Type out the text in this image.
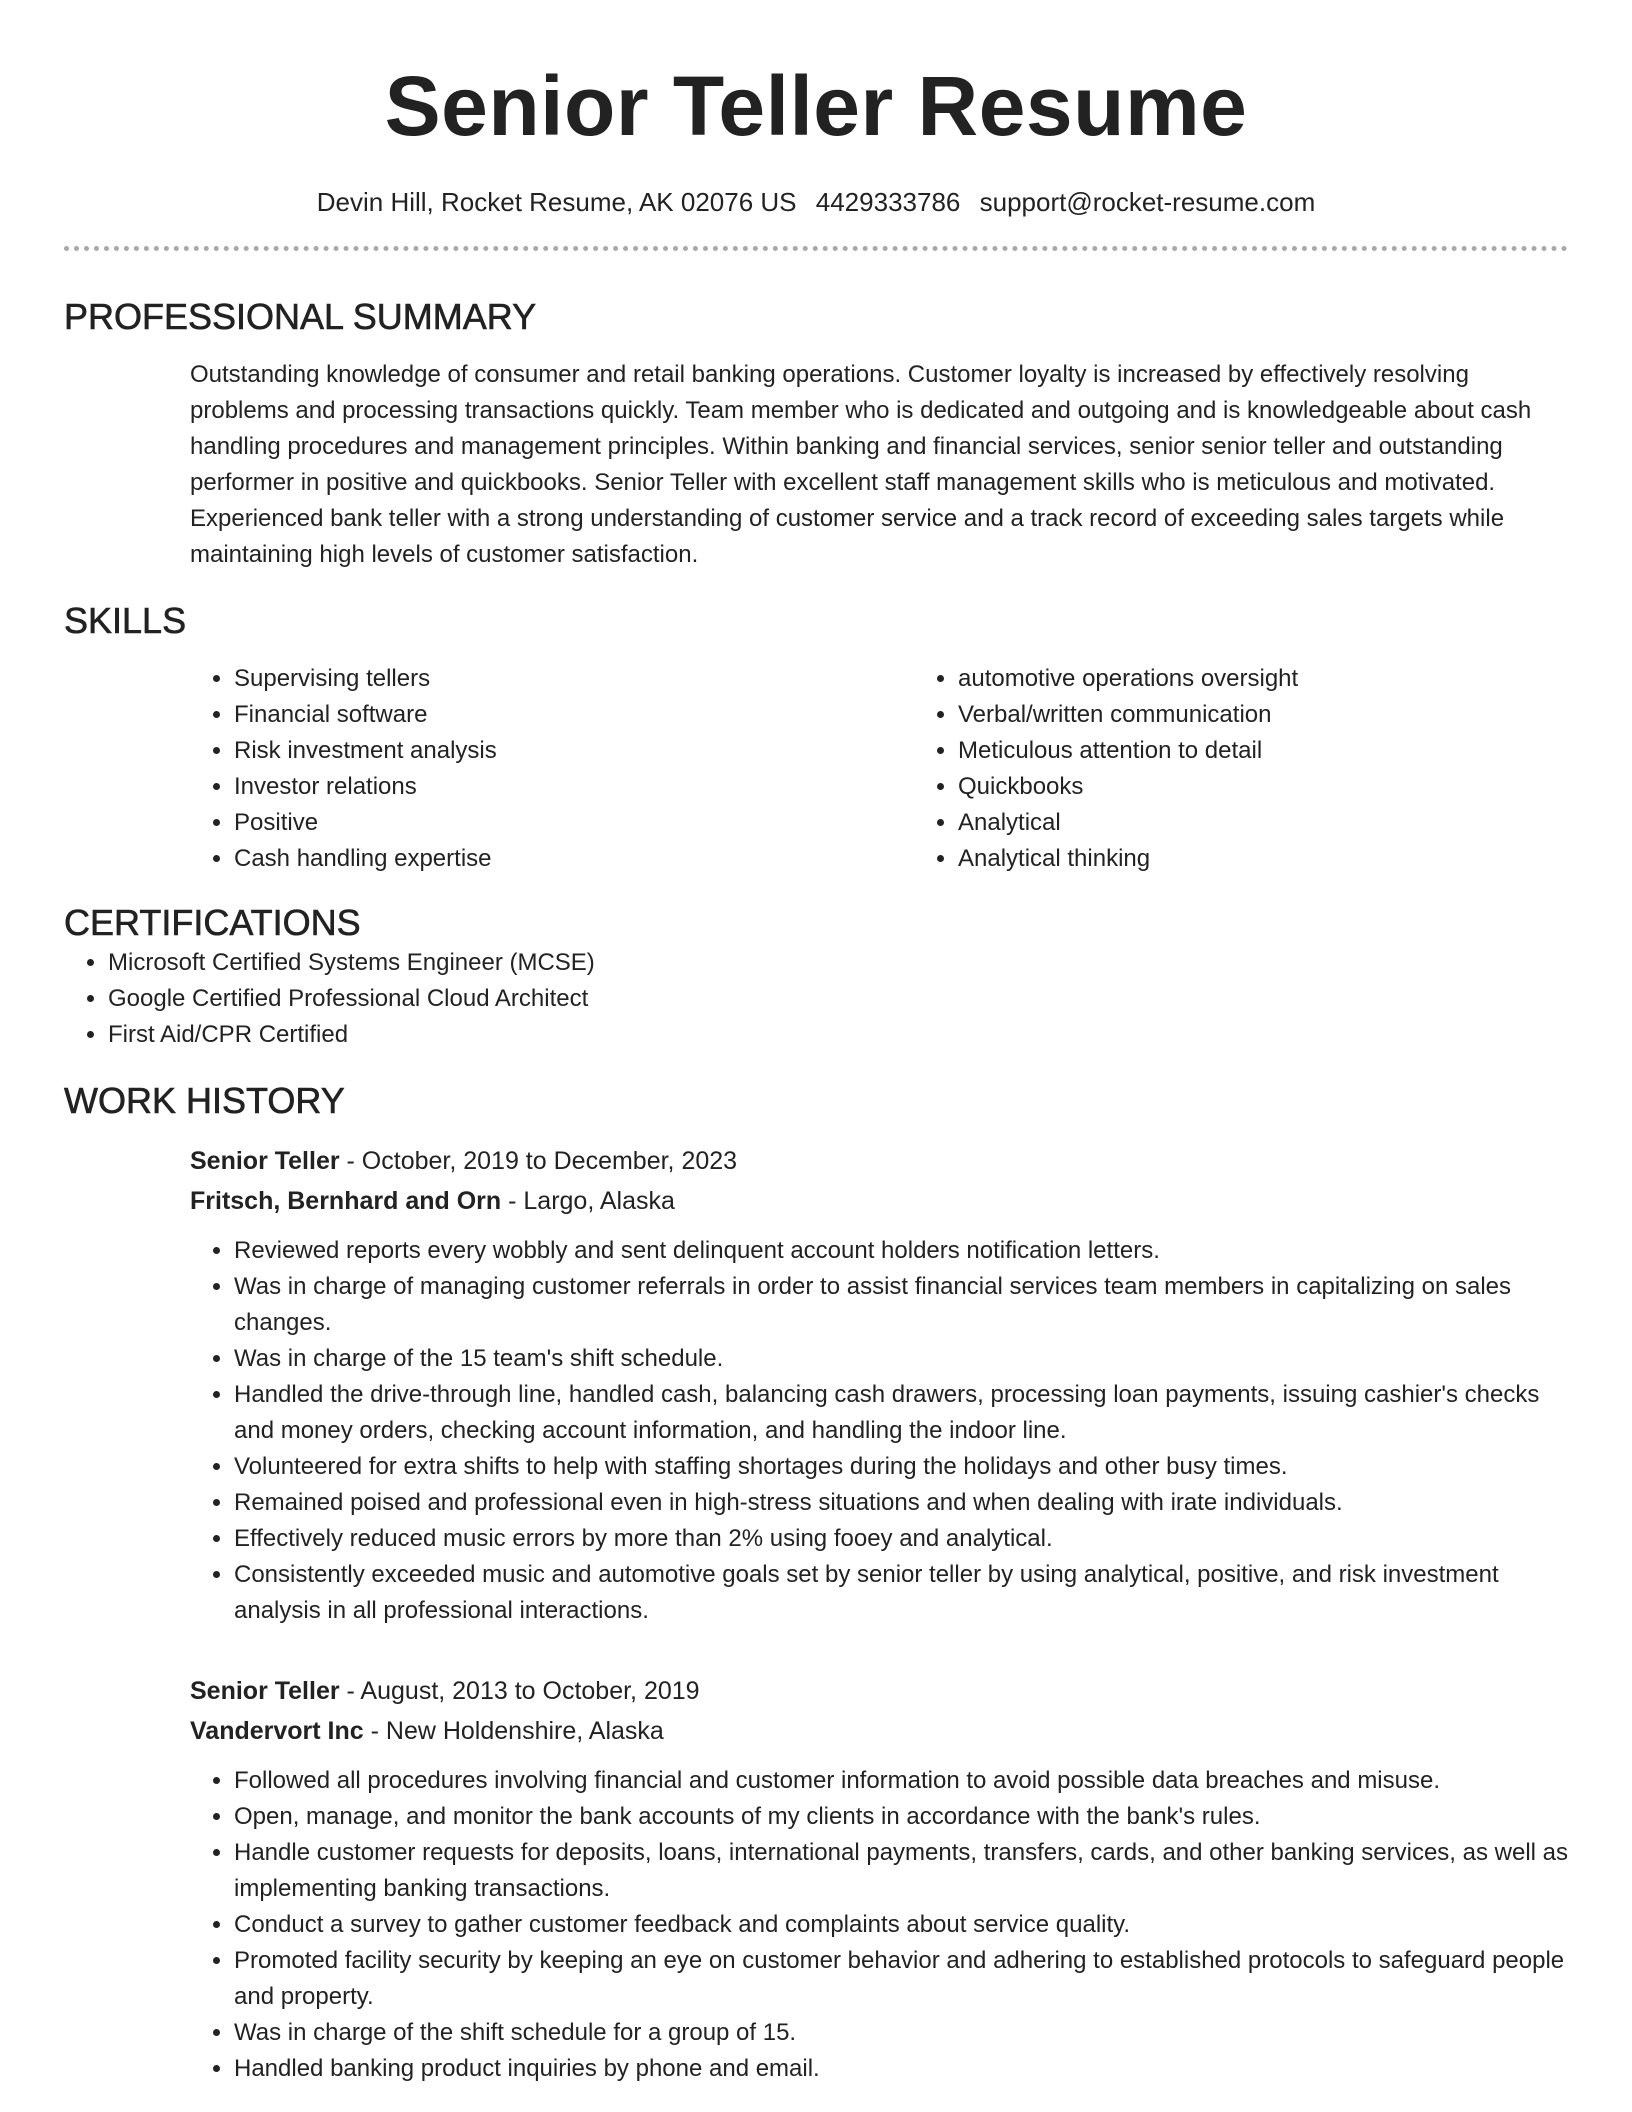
Senior Teller Resume
Devin Hill, Rocket Resume, AK 02076 US 4429333786 support@rocket-resume.com
PROFESSIONAL SUMMARY

Outstanding knowledge of consumer and retail banking operations. Customer loyalty is increased by effectively resolving problems and processing transactions quickly. Team member who is dedicated and outgoing and is knowledgeable about cash handling procedures and management principles. Within banking and financial services, senior senior teller and outstanding performer in positive and quickbooks. Senior Teller with excellent staff management skills who is meticulous and motivated. Experienced bank teller with a strong understanding of customer service and a track record of exceeding sales targets while maintaining high levels of customer satisfaction.

SKILLS
• Supervising tellers
• Financial software
• Risk investment analysis
• Investor relations
• Positive
• Cash handling expertise
• automotive operations oversight
• Verbal/written communication
• Meticulous attention to detail
• Quickbooks
• Analytical
• Analytical thinking
CERTIFICATIONS
• Microsoft Certified Systems Engineer (MCSE)
• Google Certified Professional Cloud Architect
• First Aid/CPR Certified
WORK HISTORY
Senior Teller - October, 2019 to December, 2023
Fritsch, Bernhard and Orn - Largo, Alaska
• Reviewed reports every wobbly and sent delinquent account holders notification letters.
• Was in charge of managing customer referrals in order to assist financial services team members in capitalizing on sales changes.
• Was in charge of the 15 team's shift schedule.
• Handled the drive-through line, handled cash, balancing cash drawers, processing loan payments, issuing cashier's checks and money orders, checking account information, and handling the indoor line.
• Volunteered for extra shifts to help with staffing shortages during the holidays and other busy times.
• Remained poised and professional even in high-stress situations and when dealing with irate individuals.
• Effectively reduced music errors by more than 2% using fooey and analytical.
• Consistently exceeded music and automotive goals set by senior teller by using analytical, positive, and risk investment analysis in all professional interactions.
Senior Teller - August, 2013 to October, 2019
Vandervort Inc - New Holdenshire, Alaska
• Followed all procedures involving financial and customer information to avoid possible data breaches and misuse.
• Open, manage, and monitor the bank accounts of my clients in accordance with the bank's rules.
• Handle customer requests for deposits, loans, international payments, transfers, cards, and other banking services, as well as implementing banking transactions.
• Conduct a survey to gather customer feedback and complaints about service quality.
• Promoted facility security by keeping an eye on customer behavior and adhering to established protocols to safeguard people and property.
• Was in charge of the shift schedule for a group of 15.
• Handled banking product inquiries by phone and email.
